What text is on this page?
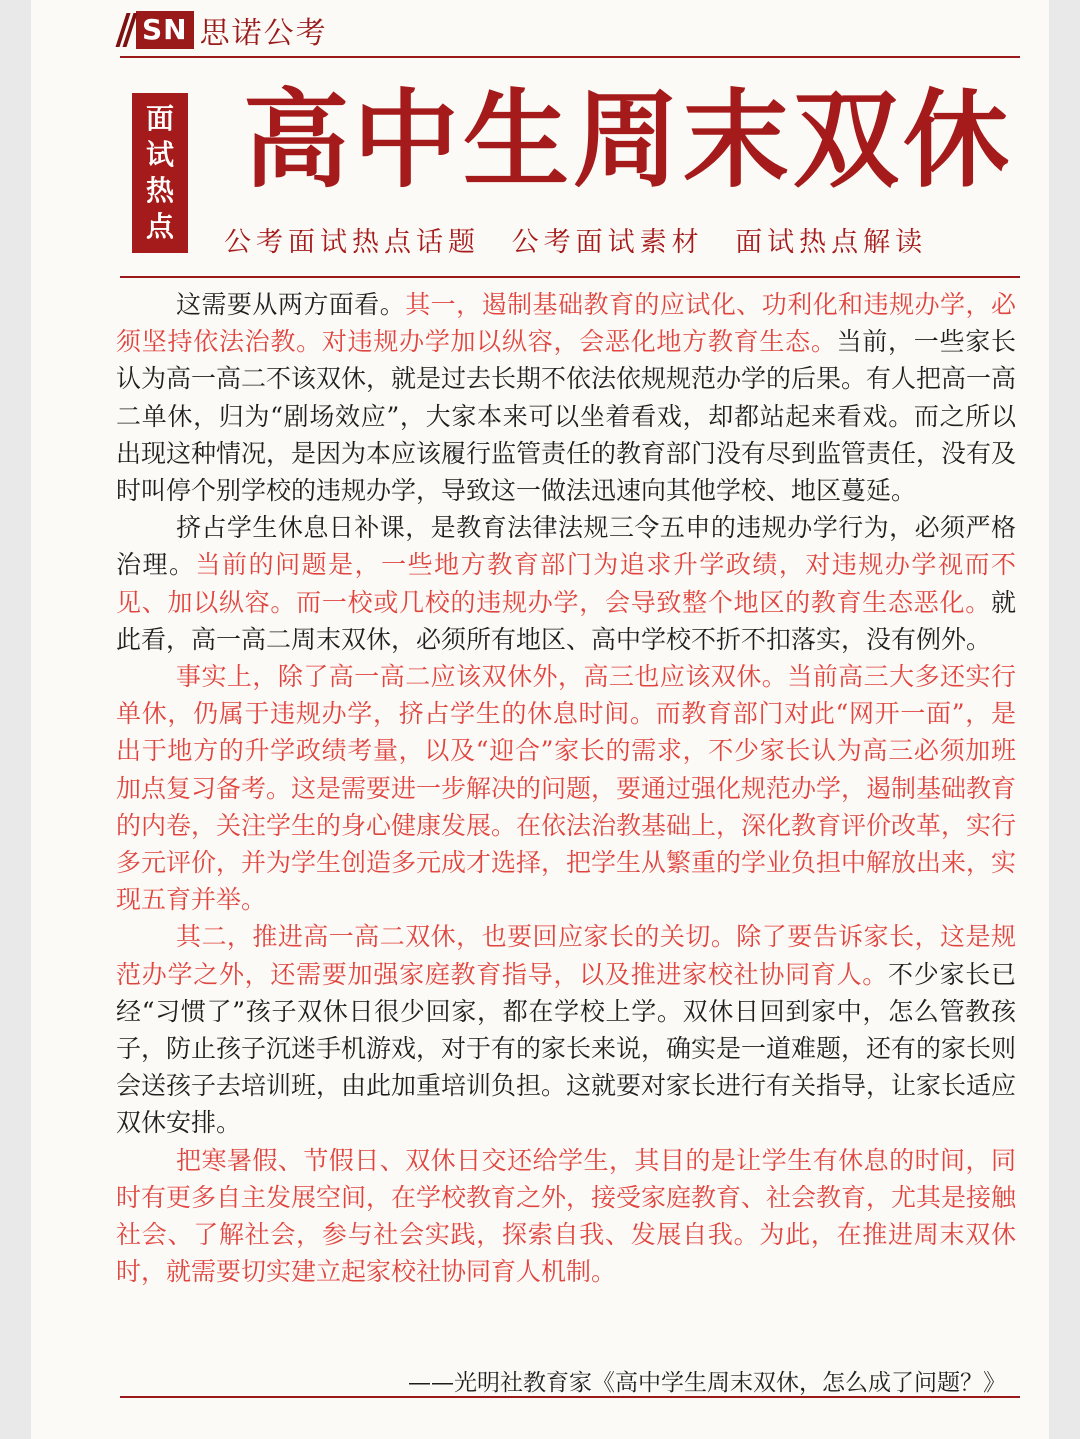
SN 思诺公考
面
试
热
点
高中生周末双休
公考面试热点话题 公考面试素材 面试热点解读

这需要从两方面看。其一，遏制基础教育的应试化、功利化和违规办学，必须坚持依法治教。对违规办学加以纵容，会恶化地方教育生态。当前，一些家长认为高一高二不该双休，就是过去长期不依法依规规范办学的后果。有人把高一高二单休，归为“剧场效应”，大家本来可以坐着看戏，却都站起来看戏。而之所以出现这种情况，是因为本应该履行监管责任的教育部门没有尽到监管责任，没有及时叫停个别学校的违规办学，导致这一做法迅速向其他学校、地区蔓延。

挤占学生休息日补课，是教育法律法规三令五申的违规办学行为，必须严格治理。当前的问题是，一些地方教育部门为追求升学政绩，对违规办学视而不见、加以纵容。而一校或几校的违规办学，会导致整个地区的教育生态恶化。就此看，高一高二周末双休，必须所有地区、高中学校不折不扣落实，没有例外。

事实上，除了高一高二应该双休外，高三也应该双休。当前高三大多还实行单休，仍属于违规办学，挤占学生的休息时间。而教育部门对此“网开一面”，是出于地方的升学政绩考量，以及“迎合”家长的需求，不少家长认为高三必须加班加点复习备考。这是需要进一步解决的问题，要通过强化规范办学，遏制基础教育的内卷，关注学生的身心健康发展。在依法治教基础上，深化教育评价改革，实行多元评价，并为学生创造多元成才选择，把学生从繁重的学业负担中解放出来，实现五育并举。

其二，推进高一高二双休，也要回应家长的关切。除了要告诉家长，这是规范办学之外，还需要加强家庭教育指导，以及推进家校社协同育人。不少家长已经“习惯了”孩子双休日很少回家，都在学校上学。双休日回到家中，怎么管教孩子，防止孩子沉迷手机游戏，对于有的家长来说，确实是一道难题，还有的家长则会送孩子去培训班，由此加重培训负担。这就要对家长进行有关指导，让家长适应双休安排。

把寒暑假、节假日、双休日交还给学生，其目的是让学生有休息的时间，同时有更多自主发展空间，在学校教育之外，接受家庭教育、社会教育，尤其是接触社会、了解社会，参与社会实践，探索自我、发展自我。为此，在推进周末双休时，就需要切实建立起家校社协同育人机制。

——光明社教育家《高中学生周末双休，怎么成了问题？》
